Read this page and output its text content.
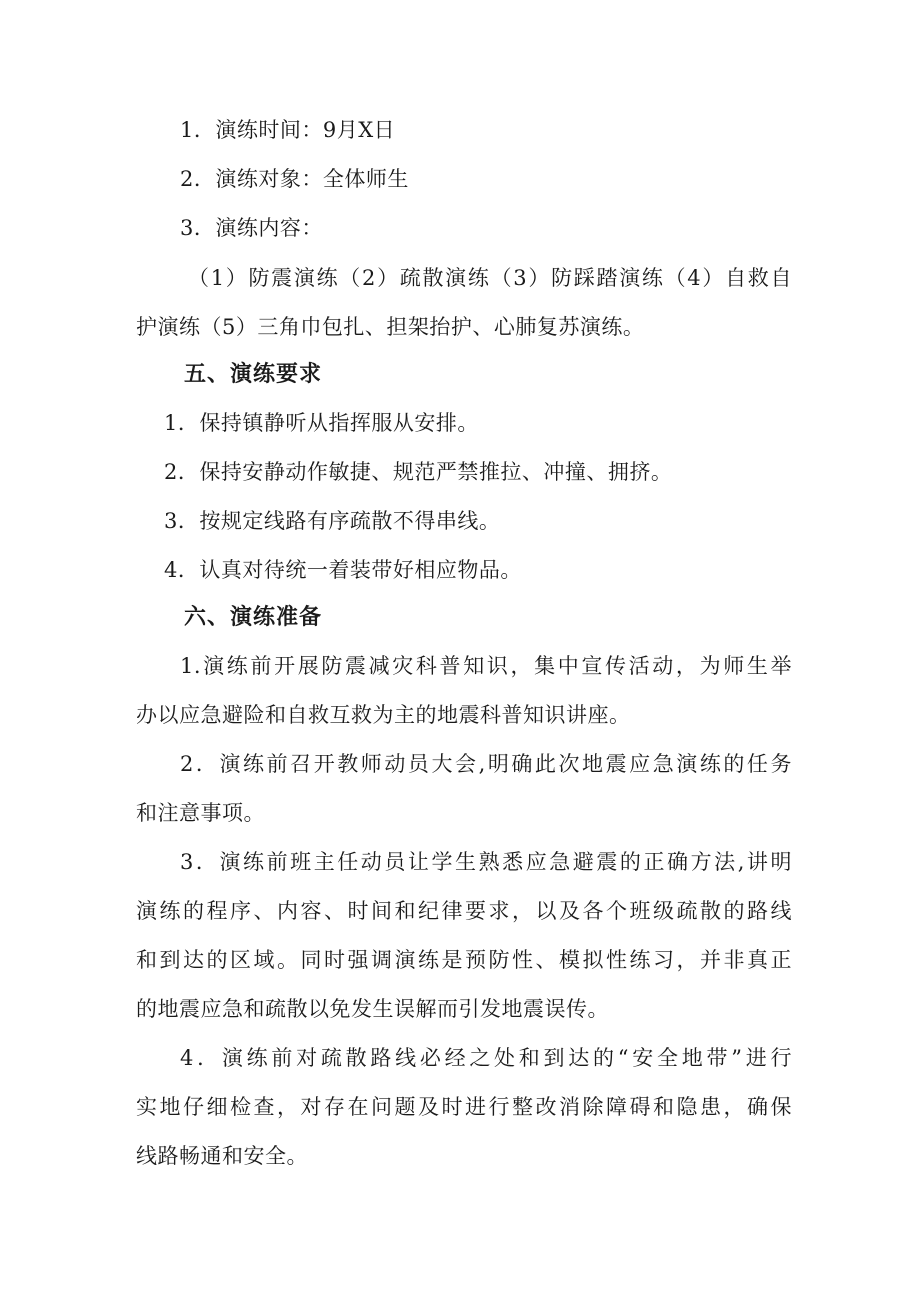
1．演练时间：9月X日
2．演练对象：全体师生
3．演练内容：
（1）防震演练（2）疏散演练（3）防踩踏演练（4）自救自
护演练（5）三角巾包扎、担架抬护、心肺复苏演练。
五、演练要求
1．保持镇静听从指挥服从安排。
2．保持安静动作敏捷、规范严禁推拉、冲撞、拥挤。
3．按规定线路有序疏散不得串线。
4．认真对待统一着装带好相应物品。
六、演练准备
1.演练前开展防震减灾科普知识，集中宣传活动，为师生举
办以应急避险和自救互救为主的地震科普知识讲座。
2．演练前召开教师动员大会,明确此次地震应急演练的任务
和注意事项。
3．演练前班主任动员让学生熟悉应急避震的正确方法,讲明
演练的程序、内容、时间和纪律要求，以及各个班级疏散的路线
和到达的区域。同时强调演练是预防性、模拟性练习，并非真正
的地震应急和疏散以免发生误解而引发地震误传。
4．演练前对疏散路线必经之处和到达的“安全地带”进行
实地仔细检查，对存在问题及时进行整改消除障碍和隐患，确保
线路畅通和安全。
